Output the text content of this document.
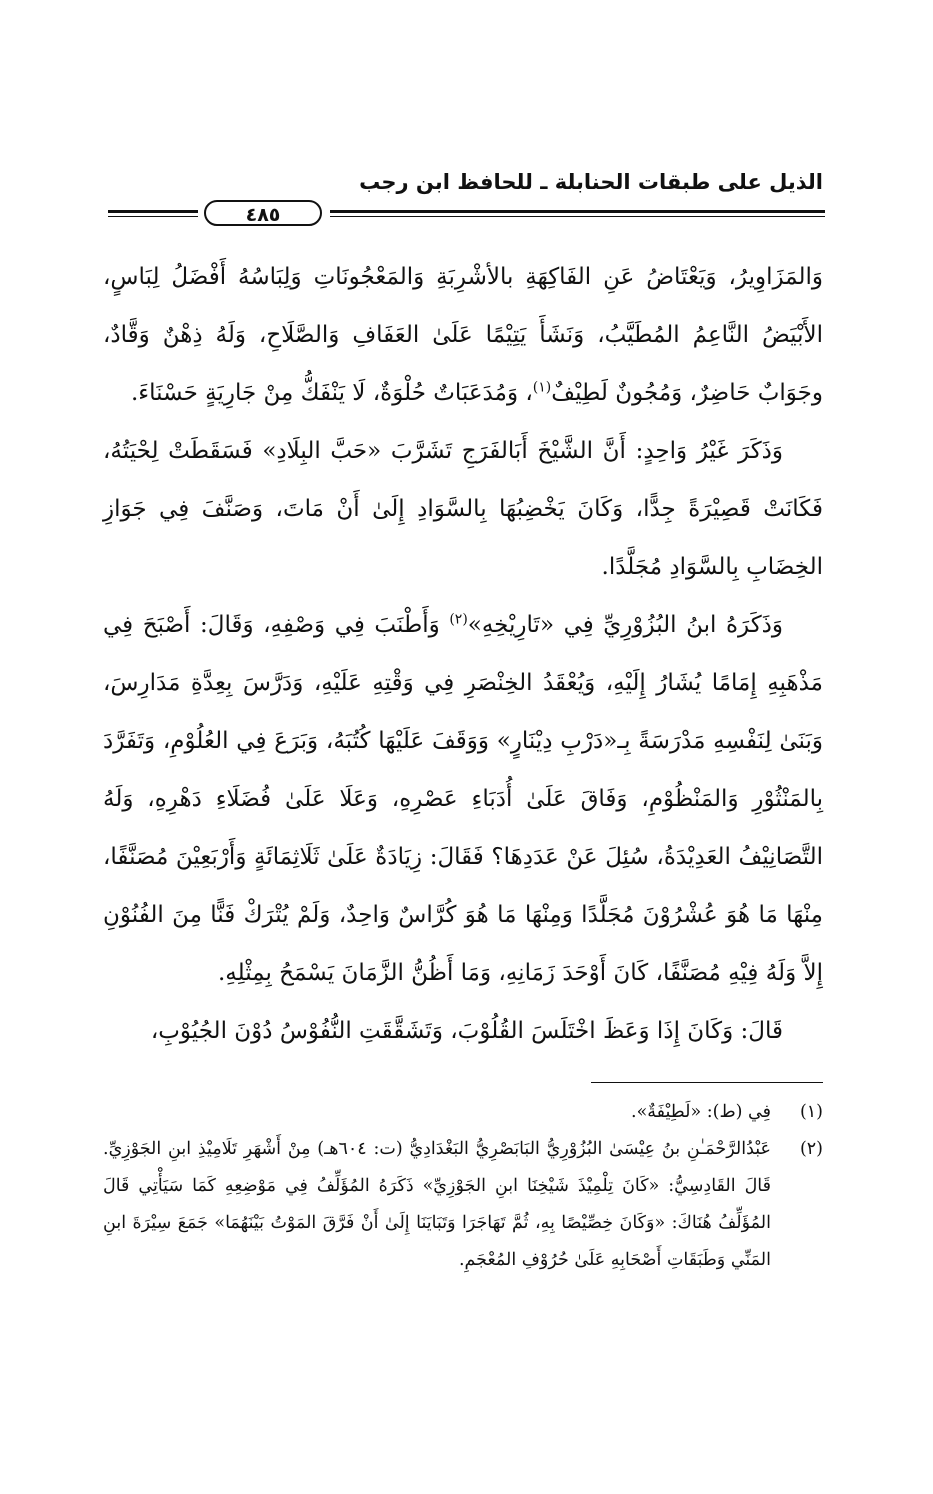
الذيل على طبقات الحنابلة ـ للحافظ ابن رجب
٤٨٥

وَالمَزَاوِيرُ، وَيَعْتَاضُ عَنِ الفَاكِهَةِ بالأشْرِبَةِ وَالمَعْجُونَاتِ وَلِبَاسُهُ أَفْضَلُ لِبَاسٍ، الأَبْيَضُ النَّاعِمُ المُطَيَّبُ، وَنَشَأَ يَتِيْمًا عَلَىٰ العَفَافِ وَالصَّلَاحِ، وَلَهُ ذِهْنٌ وَقَّادٌ، وجَوَابٌ حَاضِرٌ، وَمُجُونٌ لَطِيْفٌ$^{(١)}$، وَمُدَعَبَاتٌ حُلْوَةٌ، لَا يَنْفَكُّ مِنْ جَارِيَةٍ حَسْنَاءَ.

وَذَكَرَ غَيْرُ وَاحِدٍ: أَنَّ الشَّيْخَ أَبَالفَرَجِ تَشَرَّبَ «حَبَّ البِلَادِ» فَسَقَطَتْ لِحْيَتُهُ، فَكَانَتْ قَصِيْرَةً جِدًّا، وَكَانَ يَخْضِبُهَا بِالسَّوَادِ إِلَىٰ أَنْ مَاتَ، وَصَنَّفَ فِي جَوَازِ الخِضَابِ بِالسَّوَادِ مُجَلَّدًا.

وَذَكَرَهُ ابنُ البُزُوْرِيِّ فِي «تَارِيْخِهِ»$^{(٢)}$ وَأَطْنَبَ فِي وَصْفِهِ، وَقَالَ: أَصْبَحَ فِي مَذْهَبِهِ إِمَامًا يُشَارُ إِلَيْهِ، وَيُعْقَدُ الخِنْصَرِ فِي وَقْتِهِ عَلَيْهِ، وَدَرَّسَ بِعِدَّةِ مَدَارِسَ، وَبَنَىٰ لِنَفْسِهِ مَدْرَسَةً بِـ«دَرْبِ دِيْنَارٍ» وَوَقَفَ عَلَيْهَا كُتُبَهُ، وَبَرَعَ فِي العُلُوْمِ، وَتَفَرَّدَ بِالمَنْثُوْرِ وَالمَنْظُوْمِ، وَفَاقَ عَلَىٰ أُدَبَاءِ عَصْرِهِ، وَعَلَا عَلَىٰ فُضَلَاءِ دَهْرِهِ، وَلَهُ التَّصَانِيْفُ العَدِيْدَةُ، سُئِلَ عَنْ عَدَدِهَا؟ فَقَالَ: زِيَادَةٌ عَلَىٰ ثَلَاثِمَائَةٍ وَأَرْبَعِيْنَ مُصَنَّفًا، مِنْهَا مَا هُوَ عُشْرُوْنَ مُجَلَّدًا وَمِنْهَا مَا هُوَ كُرَّاسٌ وَاحِدٌ، وَلَمْ يُتْرَكْ فَنًّا مِنَ الفُنُوْنِ إِلاَّ وَلَهُ فِيْهِ مُصَنَّفًا، كَانَ أَوْحَدَ زَمَانِهِ، وَمَا أَظُنُّ الزَّمَانَ يَسْمَحُ بِمِثْلِهِ.

قَالَ: وَكَانَ إِذَا وَعَظَ اخْتَلَسَ القُلُوْبَ، وَتَشَقَّقَتِ النُّفُوْسُ دُوْنَ الجُيُوْبِ،

(١)
فِي (ط): «لَطِيْفَةٌ».
(٢)
عَبْدُالرَّحْمَـٰنِ بنُ عِيْسَىٰ البُزُوْرِيُّ البَابَصْرِيُّ البَغْدَادِيُّ (ت: ٦٠٤هـ) مِنْ أَشْهَرِ تَلَامِيْذِ ابنِ الجَوْزِيِّ. قَالَ القَادِسِيُّ: «كَانَ تِلْمِيْذَ شَيْخِنَا ابنِ الجَوْزِيِّ» ذَكَرَهُ المُؤَلِّفُ فِي مَوْضِعِهِ كَمَا سَيَأْتِي قَالَ المُؤَلِّفُ هُنَاكَ: «وَكَانَ خِصِّيْصًا بِهِ، ثُمَّ تَهَاجَرَا وَتَبَايَنَا إِلَىٰ أَنْ فَرَّقَ المَوْتُ بَيْنَهُمَا» جَمَعَ سِيْرَةَ ابنِ المَنِّي وَطَبَقَاتِ أَصْحَابِهِ عَلَىٰ حُرُوْفِ المُعْجَمِ.
